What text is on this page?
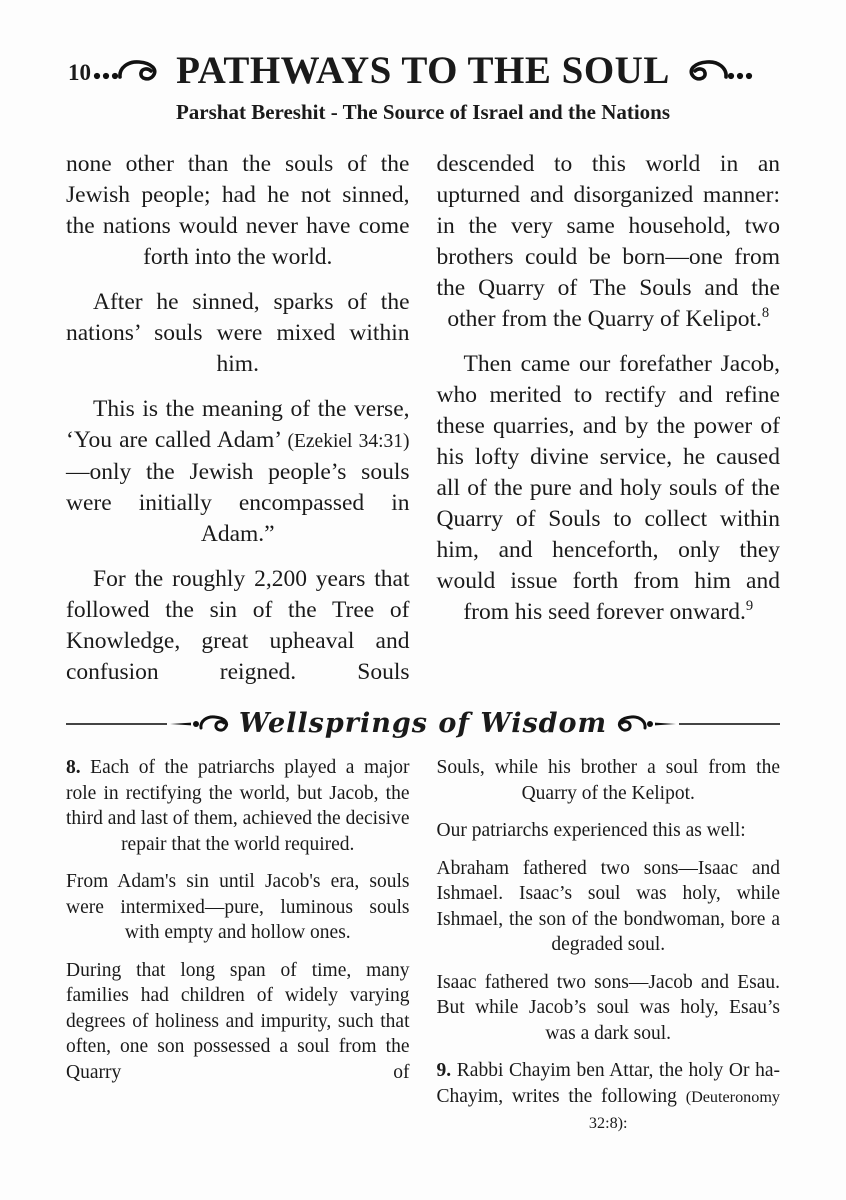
10 PATHWAYS TO THE SOUL
Parshat Bereshit - The Source of Israel and the Nations

none other than the souls of the Jewish people; had he not sinned, the nations would never have come forth into the world.

After he sinned, sparks of the nations’ souls were mixed within him.

This is the meaning of the verse, ‘You are called Adam’ (Ezekiel 34:31) —only the Jewish people’s souls were initially encompassed in Adam.”

For the roughly 2,200 years that followed the sin of the Tree of Knowledge, great upheaval and confusion reigned. Souls

descended to this world in an upturned and disorganized manner: in the very same household, two brothers could be born—one from the Quarry of The Souls and the other from the Quarry of Kelipot.$^8$

Then came our forefather Jacob, who merited to rectify and refine these quarries, and by the power of his lofty divine service, he caused all of the pure and holy souls of the Quarry of Souls to collect within him, and henceforth, only they would issue forth from him and from his seed forever onward.$^9$

Wellsprings of Wisdom

8. Each of the patriarchs played a major role in rectifying the world, but Jacob, the third and last of them, achieved the decisive repair that the world required.

From Adam's sin until Jacob's era, souls were intermixed—pure, luminous souls with empty and hollow ones.

During that long span of time, many families had children of widely varying degrees of holiness and impurity, such that often, one son possessed a soul from the Quarry of

Souls, while his brother a soul from the Quarry of the Kelipot.

Our patriarchs experienced this as well:

Abraham fathered two sons—Isaac and Ishmael. Isaac’s soul was holy, while Ishmael, the son of the bondwoman, bore a degraded soul.

Isaac fathered two sons—Jacob and Esau. But while Jacob’s soul was holy, Esau’s was a dark soul.

9. Rabbi Chayim ben Attar, the holy Or ha-Chayim, writes the following (Deuteronomy 32:8):
